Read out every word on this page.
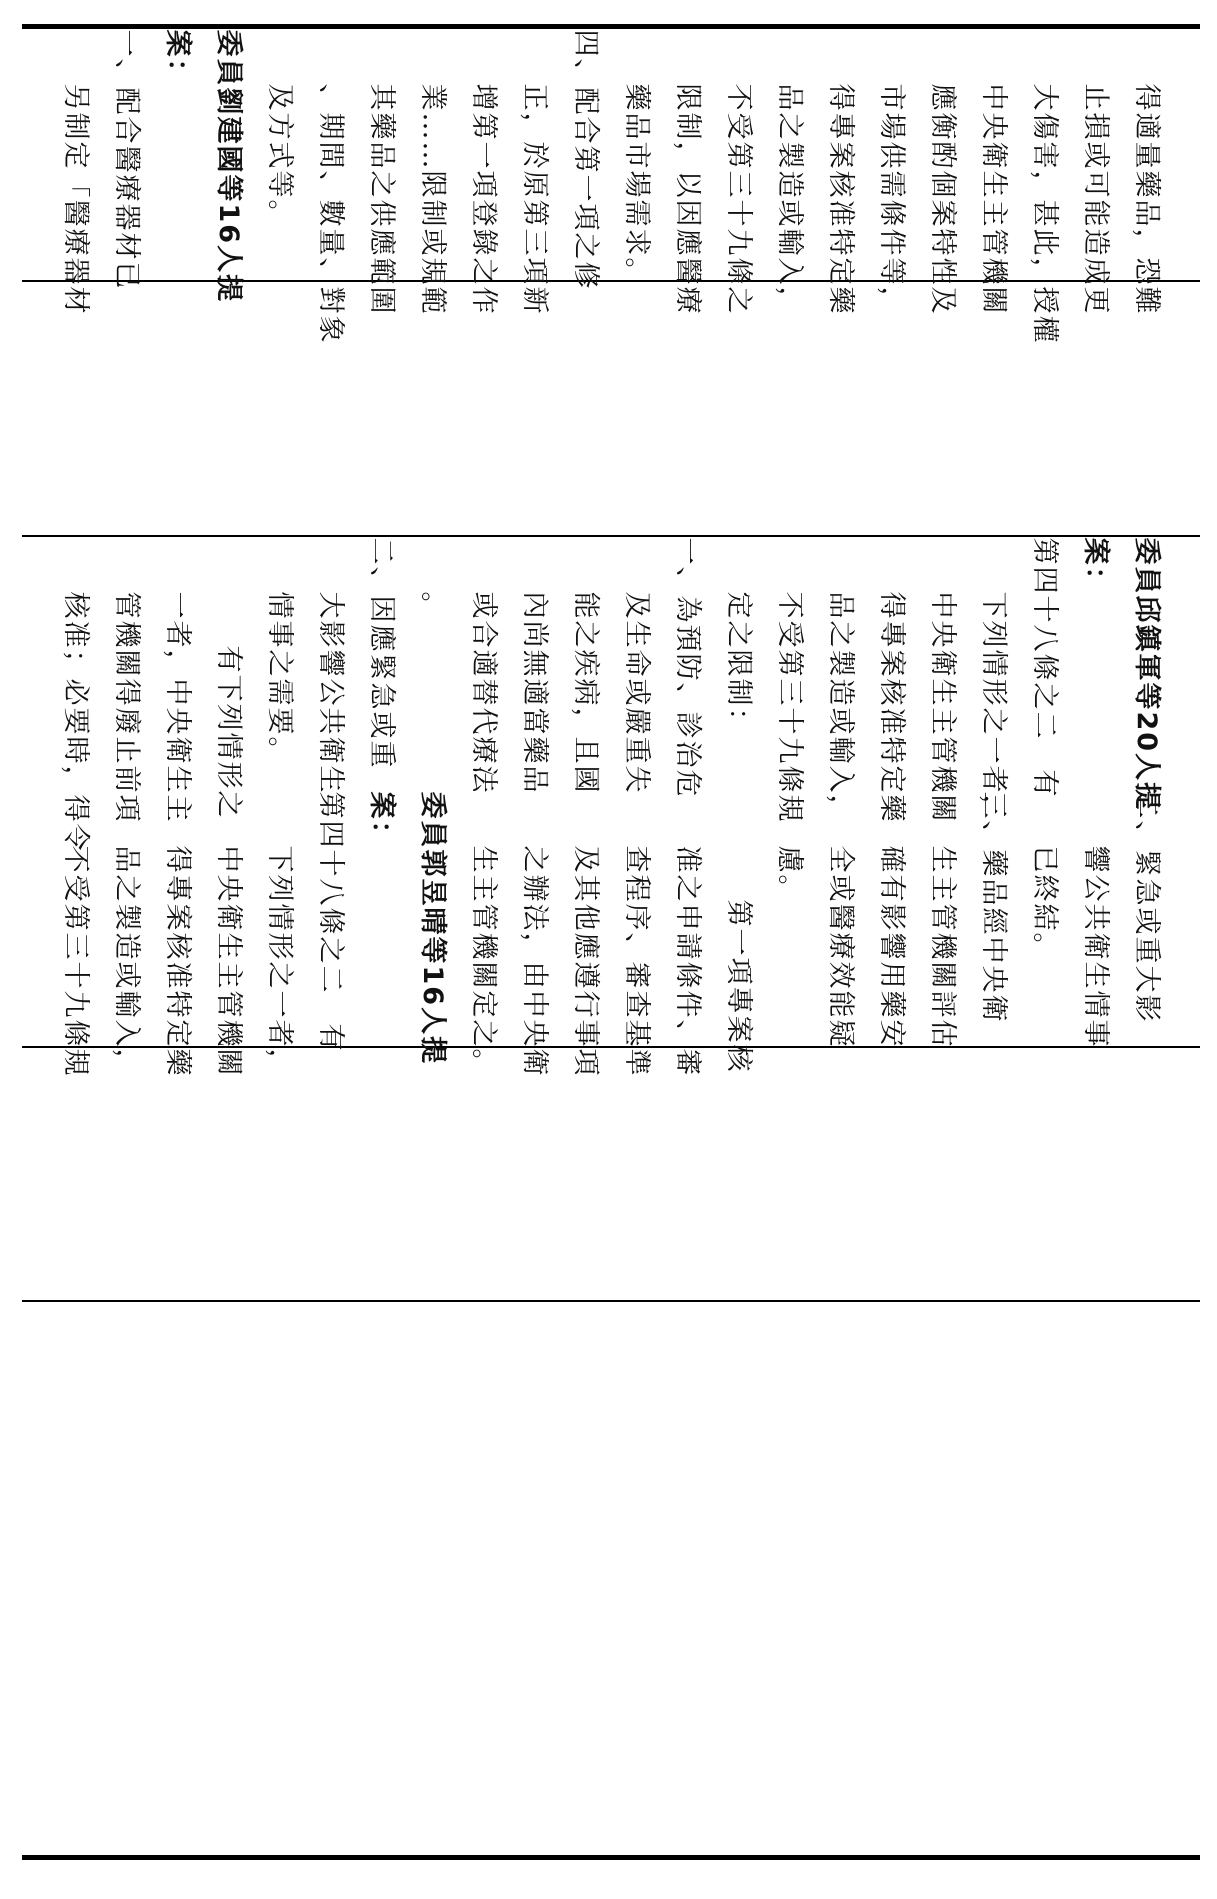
得適量藥品，恐難
止損或可能造成更
大傷害，甚此，授權
中央衛生主管機關
應衡酌個案特性及
市場供需條件等，
得專案核准特定藥
品之製造或輸入，
不受第三十九條之
限制，以因應醫療
藥品市場需求。
四、配合第一項之修
正，於原第三項新
增第一項登錄之作
業……限制或規範
其藥品之供應範圍
、期間、數量、對象
及方式等。
委員劉建國等16人提
案：
一、配合醫療器材已
另制定「醫療器材
委員邱鎮軍等20人提
案：
第四十八條之二　有
下列情形之一者，
中央衛生主管機關
得專案核准特定藥
品之製造或輸入，
不受第三十九條規
定之限制：
一、為預防、診治危
及生命或嚴重失
能之疾病，且國
內尚無適當藥品
或合適替代療法
。
二、因應緊急或重
大影響公共衛生
情事之需要。
有下列情形之
一者，中央衛生主
管機關得廢止前項
核准；必要時，得令
二、緊急或重大影
響公共衛生情事
已終結。
三、藥品經中央衛
生主管機關評估
確有影響用藥安
全或醫療效能疑
慮。
第一項專案核
准之申請條件、審
查程序、審查基準
及其他應遵行事項
之辦法，由中央衛
生主管機關定之。
委員郭昱晴等16人提
案：
第四十八條之二　有
下列情形之一者，
中央衛生主管機關
得專案核准特定藥
品之製造或輸入，
不受第三十九條規
